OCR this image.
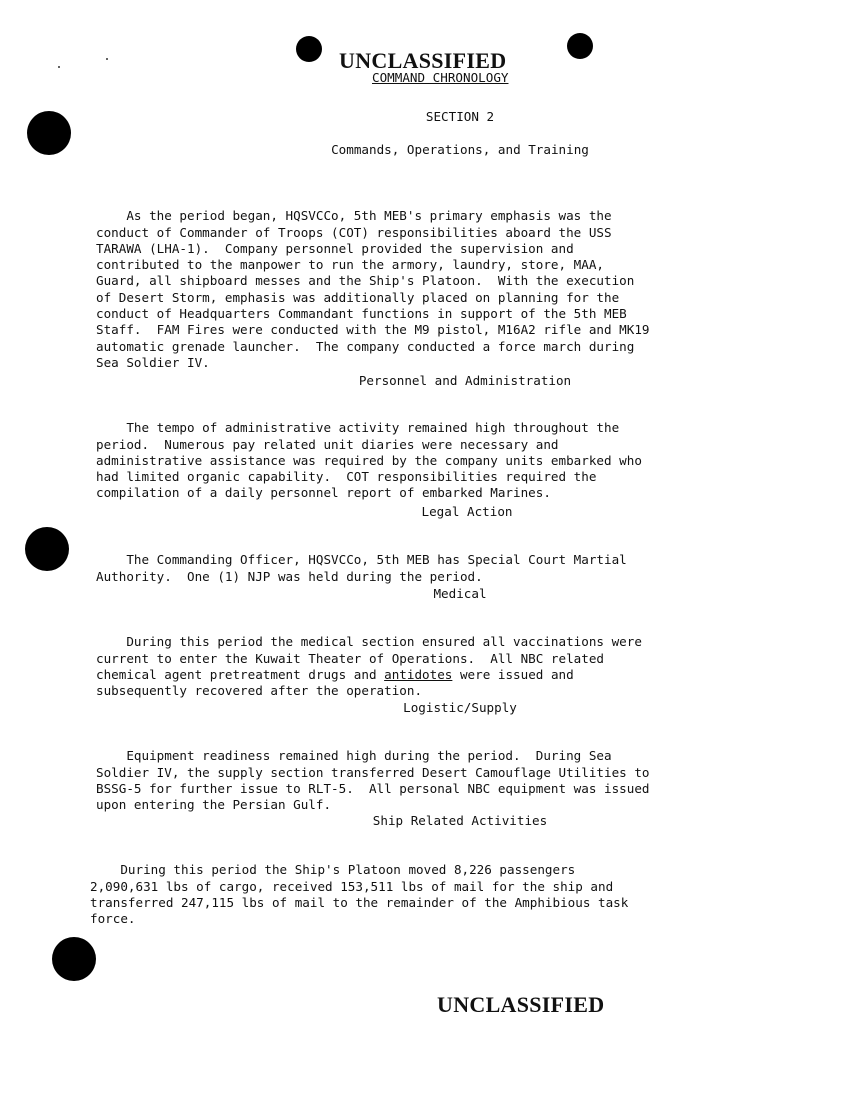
UNCLASSIFIED
COMMAND CHRONOLOGY
SECTION 2
Commands, Operations, and Training

As the period began, HQSVCCo, 5th MEB's primary emphasis was the
conduct of Commander of Troops (COT) responsibilities aboard the USS
TARAWA (LHA-1).  Company personnel provided the supervision and
contributed to the manpower to run the armory, laundry, store, MAA,
Guard, all shipboard messes and the Ship's Platoon.  With the execution
of Desert Storm, emphasis was additionally placed on planning for the
conduct of Headquarters Commandant functions in support of the 5th MEB
Staff.  FAM Fires were conducted with the M9 pistol, M16A2 rifle and MK19
automatic grenade launcher.  The company conducted a force march during
Sea Soldier IV.
Personnel and Administration

The tempo of administrative activity remained high throughout the
period.  Numerous pay related unit diaries were necessary and
administrative assistance was required by the company units embarked who
had limited organic capability.  COT responsibilities required the
compilation of a daily personnel report of embarked Marines.
Legal Action

The Commanding Officer, HQSVCCo, 5th MEB has Special Court Martial
Authority.  One (1) NJP was held during the period.
Medical

During this period the medical section ensured all vaccinations were
current to enter the Kuwait Theater of Operations.  All NBC related
chemical agent pretreatment drugs and antidotes were issued and
subsequently recovered after the operation.
Logistic/Supply

Equipment readiness remained high during the period.  During Sea
Soldier IV, the supply section transferred Desert Camouflage Utilities to
BSSG-5 for further issue to RLT-5.  All personal NBC equipment was issued
upon entering the Persian Gulf.
Ship Related Activities

During this period the Ship's Platoon moved 8,226 passengers
2,090,631 lbs of cargo, received 153,511 lbs of mail for the ship and
transferred 247,115 lbs of mail to the remainder of the Amphibious task
force.
UNCLASSIFIED
